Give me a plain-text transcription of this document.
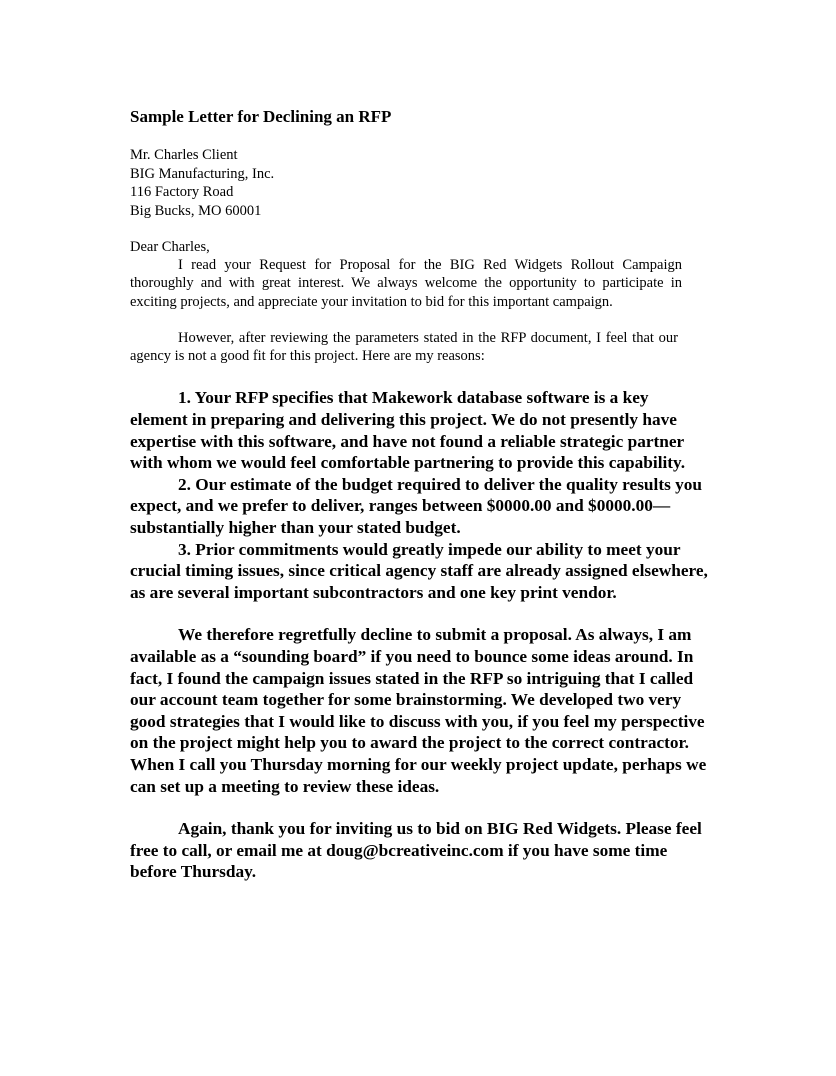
Sample Letter for Declining an RFP
Mr. Charles Client
BIG Manufacturing, Inc.
116 Factory Road
Big Bucks, MO 60001
Dear Charles,

I read your Request for Proposal for the BIG Red Widgets Rollout Campaign thoroughly and with great interest. We always welcome the opportunity to participate in exciting projects, and appreciate your invitation to bid for this important campaign.

However, after reviewing the parameters stated in the RFP document, I feel that our agency is not a good fit for this project. Here are my reasons:

1. Your RFP specifies that Makework database software is a key element in preparing and delivering this project. We do not presently have expertise with this software, and have not found a reliable strategic partner with whom we would feel comfortable partnering to provide this capability.

2. Our estimate of the budget required to deliver the quality results you expect, and we prefer to deliver, ranges between $0000.00 and $0000.00—substantially higher than your stated budget.

3. Prior commitments would greatly impede our ability to meet your crucial timing issues, since critical agency staff are already assigned elsewhere, as are several important subcontractors and one key print vendor.

We therefore regretfully decline to submit a proposal. As always, I am available as a “sounding board” if you need to bounce some ideas around. In fact, I found the campaign issues stated in the RFP so intriguing that I called our account team together for some brainstorming. We developed two very good strategies that I would like to discuss with you, if you feel my perspective on the project might help you to award the project to the correct contractor. When I call you Thursday morning for our weekly project update, perhaps we can set up a meeting to review these ideas.

Again, thank you for inviting us to bid on BIG Red Widgets. Please feel free to call, or email me at doug@bcreativeinc.com if you have some time before Thursday.
